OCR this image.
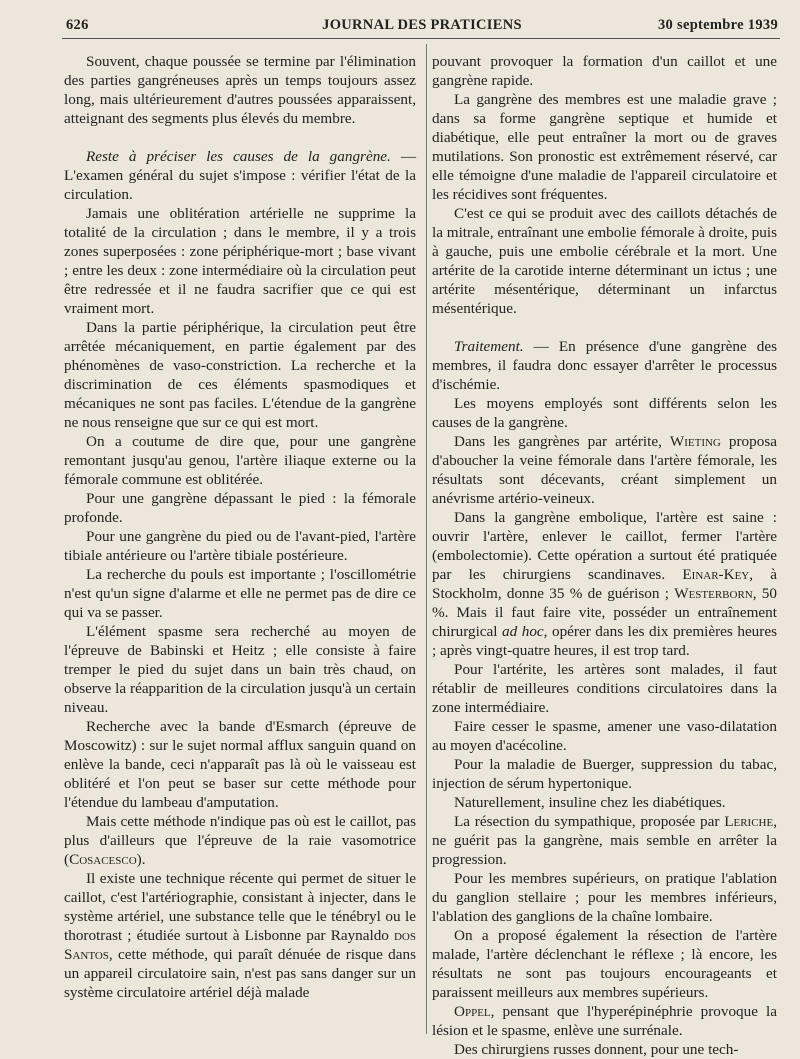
626	JOURNAL DES PRATICIENS	30 septembre 1939

Souvent, chaque poussée se termine par l'élimination des parties gangréneuses après un temps toujours assez long, mais ultérieurement d'autres poussées apparaissent, atteignant des segments plus élevés du membre.

Reste à préciser les causes de la gangrène. — L'examen général du sujet s'impose : vérifier l'état de la circulation.

Jamais une oblitération artérielle ne supprime la totalité de la circulation ; dans le membre, il y a trois zones superposées : zone périphérique-mort ; base vivant ; entre les deux : zone intermédiaire où la circulation peut être redressée et il ne faudra sacrifier que ce qui est vraiment mort.

Dans la partie périphérique, la circulation peut être arrêtée mécaniquement, en partie également par des phénomènes de vaso-constriction. La recherche et la discrimination de ces éléments spasmodiques et mécaniques ne sont pas faciles. L'étendue de la gangrène ne nous renseigne que sur ce qui est mort.

On a coutume de dire que, pour une gangrène remontant jusqu'au genou, l'artère iliaque externe ou la fémorale commune est oblitérée.

Pour une gangrène dépassant le pied : la fémorale profonde.

Pour une gangrène du pied ou de l'avant-pied, l'artère tibiale antérieure ou l'artère tibiale postérieure.

La recherche du pouls est importante ; l'oscillométrie n'est qu'un signe d'alarme et elle ne permet pas de dire ce qui va se passer.

L'élément spasme sera recherché au moyen de l'épreuve de Babinski et Heitz ; elle consiste à faire tremper le pied du sujet dans un bain très chaud, on observe la réapparition de la circulation jusqu'à un certain niveau.

Recherche avec la bande d'Esmarch (épreuve de Moscowitz) : sur le sujet normal afflux sanguin quand on enlève la bande, ceci n'apparaît pas là où le vaisseau est oblitéré et l'on peut se baser sur cette méthode pour l'étendue du lambeau d'amputation.

Mais cette méthode n'indique pas où est le caillot, pas plus d'ailleurs que l'épreuve de la raie vasomotrice (Cosacesco).

Il existe une technique récente qui permet de situer le caillot, c'est l'artériographie, consistant à injecter, dans le système artériel, une substance telle que le ténébryl ou le thorotrast ; étudiée surtout à Lisbonne par Raynaldo dos Santos, cette méthode, qui paraît dénuée de risque dans un appareil circulatoire sain, n'est pas sans danger sur un système circulatoire artériel déjà malade

pouvant provoquer la formation d'un caillot et une gangrène rapide.

La gangrène des membres est une maladie grave ; dans sa forme gangrène septique et humide et diabétique, elle peut entraîner la mort ou de graves mutilations. Son pronostic est extrêmement réservé, car elle témoigne d'une maladie de l'appareil circulatoire et les récidives sont fréquentes.

C'est ce qui se produit avec des caillots détachés de la mitrale, entraînant une embolie fémorale à droite, puis à gauche, puis une embolie cérébrale et la mort. Une artérite de la carotide interne déterminant un ictus ; une artérite mésentérique, déterminant un infarctus mésentérique.

Traitement. — En présence d'une gangrène des membres, il faudra donc essayer d'arrêter le processus d'ischémie.

Les moyens employés sont différents selon les causes de la gangrène.

Dans les gangrènes par artérite, Wieting proposa d'aboucher la veine fémorale dans l'artère fémorale, les résultats sont décevants, créant simplement un anévrisme artério-veineux.

Dans la gangrène embolique, l'artère est saine : ouvrir l'artère, enlever le caillot, fermer l'artère (embolectomie). Cette opération a surtout été pratiquée par les chirurgiens scandinaves. Einar-Key, à Stockholm, donne 35 % de guérison ; Westerborn, 50 %. Mais il faut faire vite, posséder un entraînement chirurgical ad hoc, opérer dans les dix premières heures ; après vingt-quatre heures, il est trop tard.

Pour l'artérite, les artères sont malades, il faut rétablir de meilleures conditions circulatoires dans la zone intermédiaire.

Faire cesser le spasme, amener une vaso-dilatation au moyen d'acécoline.

Pour la maladie de Buerger, suppression du tabac, injection de sérum hypertonique.

Naturellement, insuline chez les diabétiques.

La résection du sympathique, proposée par Leriche, ne guérit pas la gangrène, mais semble en arrêter la progression.

Pour les membres supérieurs, on pratique l'ablation du ganglion stellaire ; pour les membres inférieurs, l'ablation des ganglions de la chaîne lombaire.

On a proposé également la résection de l'artère malade, l'artère déclenchant le réflexe ; là encore, les résultats ne sont pas toujours encourageants et paraissent meilleurs aux membres supérieurs.

Oppel, pensant que l'hyperépinéphrie provoque la lésion et le spasme, enlève une surrénale.

Des chirurgiens russes donnent, pour une tech-
